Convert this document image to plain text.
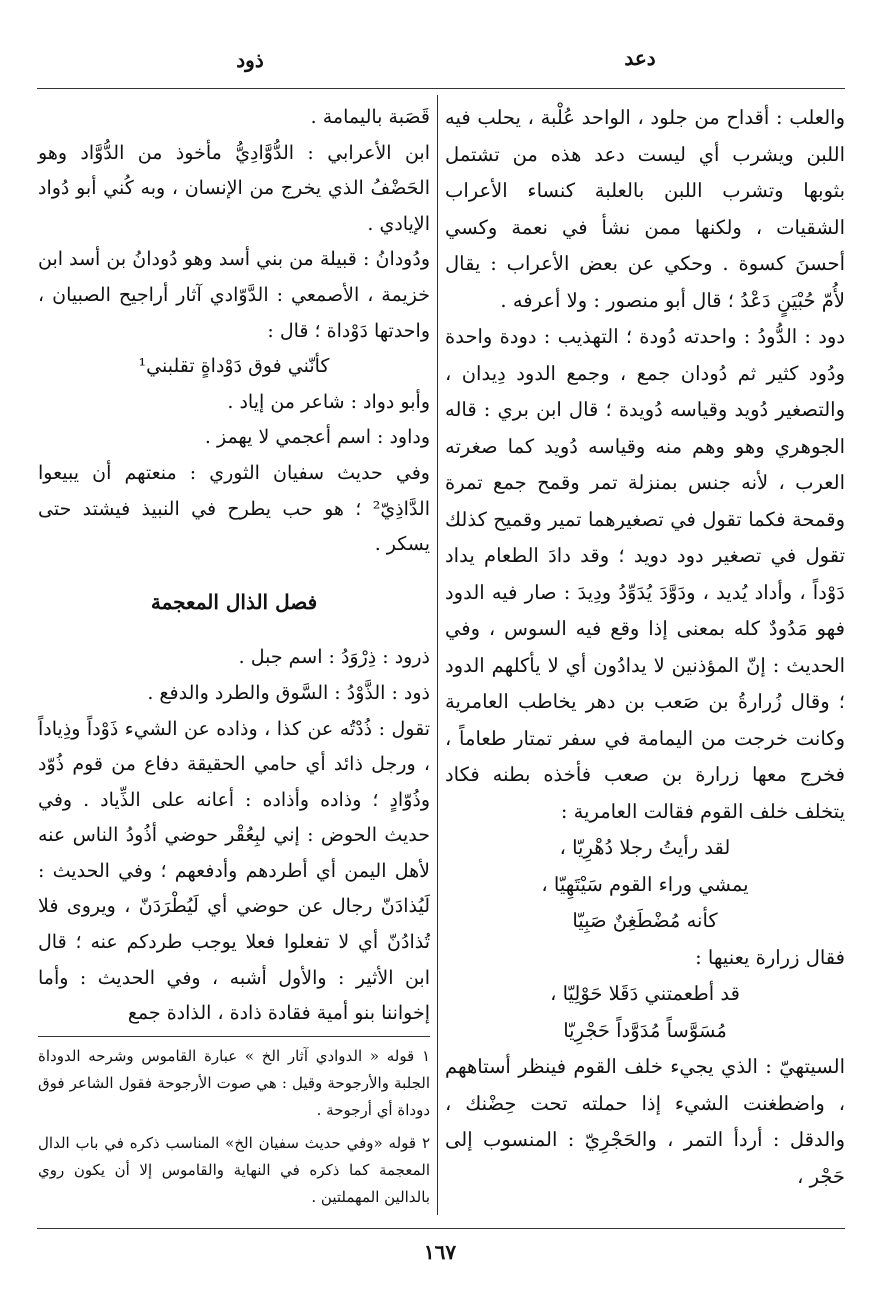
ذود	دعد

والعلب : أقداح من جلود ، الواحد عُلْبة ، يحلب فيه اللبن ويشرب أي ليست دعد هذه من تشتمل بثوبها وتشرب اللبن بالعلبة كنساء الأعراب الشقيات ، ولكنها ممن نشأ في نعمة وكسي أحسنَ كسوة . وحكي عن بعض الأعراب : يقال لأُمّ حُبْيَنٍ دَعْدُ ؛ قال أبو منصور : ولا أعرفه .

دود : الدُّودُ : واحدته دُودة ؛ التهذيب : دودة واحدة ودُود كثير ثم دُودان جمع ، وجمع الدود دِيدان ، والتصغير دُويد وقياسه دُويدة ؛ قال ابن بري : قاله الجوهري وهو وهم منه وقياسه دُويد كما صغرته العرب ، لأنه جنس بمنزلة تمر وقمح جمع تمرة وقمحة فكما تقول في تصغيرهما تمير وقميح كذلك تقول في تصغير دود دويد ؛ وقد دادَ الطعام يداد دَوْداً ، وأداد يُديد ، ودَوَّدَ يُدَوِّدُ ودِيدَ : صار فيه الدود فهو مَدُودٌ كله بمعنى إذا وقع فيه السوس ، وفي الحديث : إنّ المؤذنين لا يدادُون أي لا يأكلهم الدود ؛ وقال زُرارةُ بن صَعب بن دهر يخاطب العامرية وكانت خرجت من اليمامة في سفر تمتار طعاماً ، فخرج معها زرارة بن صعب فأخذه بطنه فكاد يتخلف خلف القوم فقالت العامرية :

لقد رأيتُ رجلا دُهْرِيّا ،

يمشي وراء القوم سَيْتَهِيّا ،

كأنه مُضْطَغِنٌ صَبِيّا

فقال زرارة يعنيها :

قد أطعمتني دَقَلا حَوْلِيّا ،

مُسَوَّساً مُدَوَّداً حَجْرِيّا

السيتهيّ : الذي يجيء خلف القوم فينظر أستاههم ، واضطغنت الشيء إذا حملته تحت حِضْنك ، والدقل : أردأ التمر ، والحَجْرِيّ : المنسوب إلى حَجْر ،

قَصَبة باليمامة .

ابن الأعرابي : الدُّوَّادِيُّ مأخوذ من الدُّوَّاد وهو الحَضْفُ الذي يخرج من الإنسان ، وبه كُني أبو دُواد الإيادي .

ودُودانُ : قبيلة من بني أسد وهو دُودانُ بن أسد ابن خزيمة ، الأصمعي : الدَّوّادي آثار أراجيح الصبيان ، واحدتها دَوْداة ؛ قال :

كأنّني فوق دَوْداةٍ تقلبني¹

وأبو دواد : شاعر من إياد .

وداود : اسم أعجمي لا يهمز .

وفي حديث سفيان الثوري : منعتهم أن يبيعوا الدَّاذِيّ² ؛ هو حب يطرح في النبيذ فيشتد حتى يسكر .

فصل الذال المعجمة

ذرود : ذِرْوَدُ : اسم جبل .

ذود : الذَّوْدُ : السَّوق والطرد والدفع .

تقول : ذُدْتُه عن كذا ، وذاده عن الشيء ذَوْداً وذِياداً ، ورجل ذائد أي حامي الحقيقة دفاع من قوم ذُوّد وذُوّادٍ ؛ وذاده وأذاده : أعانه على الذِّياد . وفي حديث الحوض : إني لبِعُقْر حوضي أذُودُ الناس عنه لأهل اليمن أي أطردهم وأدفعهم ؛ وفي الحديث : لَيُذادَنّ رجال عن حوضي أي لَيُطْرَدَنّ ، ويروى فلا تُذادُنّ أي لا تفعلوا فعلا يوجب طردكم عنه ؛ قال ابن الأثير : والأول أشبه ، وفي الحديث : وأما إخواننا بنو أمية فقادة ذادة ، الذادة جمع

١ قوله « الدوادي آثار الخ » عبارة القاموس وشرحه الدوداة الجلبة والأرجوحة وقيل : هي صوت الأرجوحة فقول الشاعر فوق دوداة أي أرجوحة .

٢ قوله «وفي حديث سفيان الخ» المناسب ذكره في باب الدال المعجمة كما ذكره في النهاية والقاموس إلا أن يكون روي بالدالين المهملتين .

١٦٧
